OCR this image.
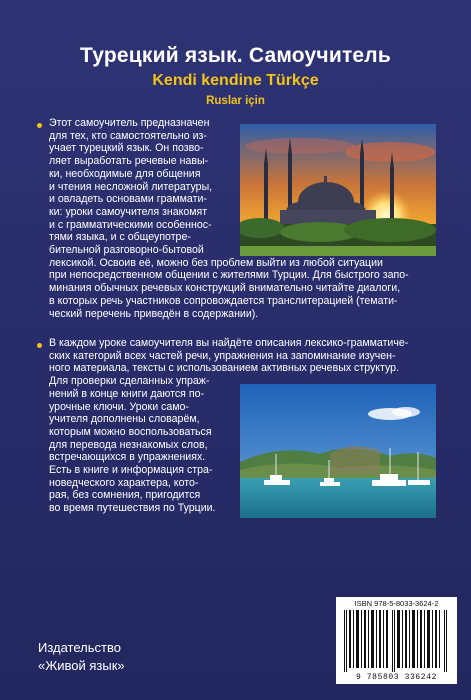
Турецкий язык. Самоучитель
Kendi kendine Türkçe
Ruslar için
Этот самоучитель предназначен
для тех, кто самостоятельно из-
учает турецкий язык. Он позво-
ляет выработать речевые навы-
ки, необходимые для общения
и чтения несложной литературы,
и овладеть основами граммати-
ки: уроки самоучителя знакомят
и с грамматическими особеннос-
тями языка, и с общеупотре-
бительной разговорно-бытовой
лексикой. Освоив её, можно без проблем выйти из любой ситуации
при непосредственном общении с жителями Турции. Для быстрого запо-
минания обычных речевых конструкций внимательно читайте диалоги,
в которых речь участников сопровождается транслитерацией (темати-
ческий перечень приведён в содержании).
В каждом уроке самоучителя вы найдёте описания лексико-грамматиче-
ских категорий всех частей речи, упражнения на запоминание изучен-
ного материала, тексты с использованием активных речевых структур.
Для проверки сделанных упраж-
нений в конце книги даются по-
урочные ключи. Уроки само-
учителя дополнены словарём,
которым можно воспользоваться
для перевода незнакомых слов,
встречающихся в упражнениях.
Есть в книге и информация стра-
новедческого характера, кото-
рая, без сомнения, пригодится
во время путешествия по Турции.
Издательство
«Живой язык»
ISBN 978-5-8033-3624-2
9 785803 336242
